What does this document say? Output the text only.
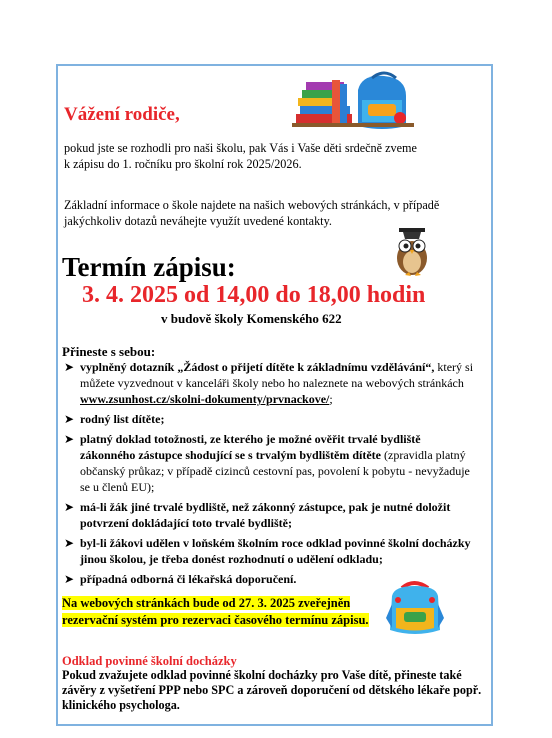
Vážení rodiče,
pokud jste se rozhodli pro naši školu, pak Vás i Vaše děti srdečně zveme
k zápisu do 1. ročníku pro školní rok 2025/2026.
Základní informace o škole najdete na našich webových stránkách, v případě
jakýchkoliv dotazů neváhejte využít uvedené kontakty.
Termín zápisu:
3. 4. 2025 od 14,00 do 18,00 hodin
v budově školy Komenského 622
Přineste s sebou:
➤ vyplněný dotazník „Žádost o přijetí dítěte k základnímu vzdělávání“, který si můžete vyzvednout v kanceláři školy nebo ho naleznete na webových stránkách www.zsunhost.cz/skolni-dokumenty/prvnackove/;
➤ rodný list dítěte;
➤ platný doklad totožnosti, ze kterého je možné ověřit trvalé bydliště zákonného zástupce shodující se s trvalým bydlištěm dítěte (zpravidla platný občanský průkaz; v případě cizinců cestovní pas, povolení k pobytu - nevyžaduje se u členů EU);
➤ má-li žák jiné trvalé bydliště, než zákonný zástupce, pak je nutné doložit potvrzení dokládající toto trvalé bydliště;
➤ byl-li žákovi udělen v loňském školním roce odklad povinné školní docházky jinou školou, je třeba donést rozhodnutí o udělení odkladu;
➤ případná odborná či lékařská doporučení.
Na webových stránkách bude od 27. 3. 2025 zveřejněn rezervační systém pro rezervaci časového termínu zápisu.
Odklad povinné školní docházky
Pokud zvažujete odklad povinné školní docházky pro Vaše dítě, přineste také závěry z vyšetření PPP nebo SPC a zároveň doporučení od dětského lékaře popř. klinického psychologa.
